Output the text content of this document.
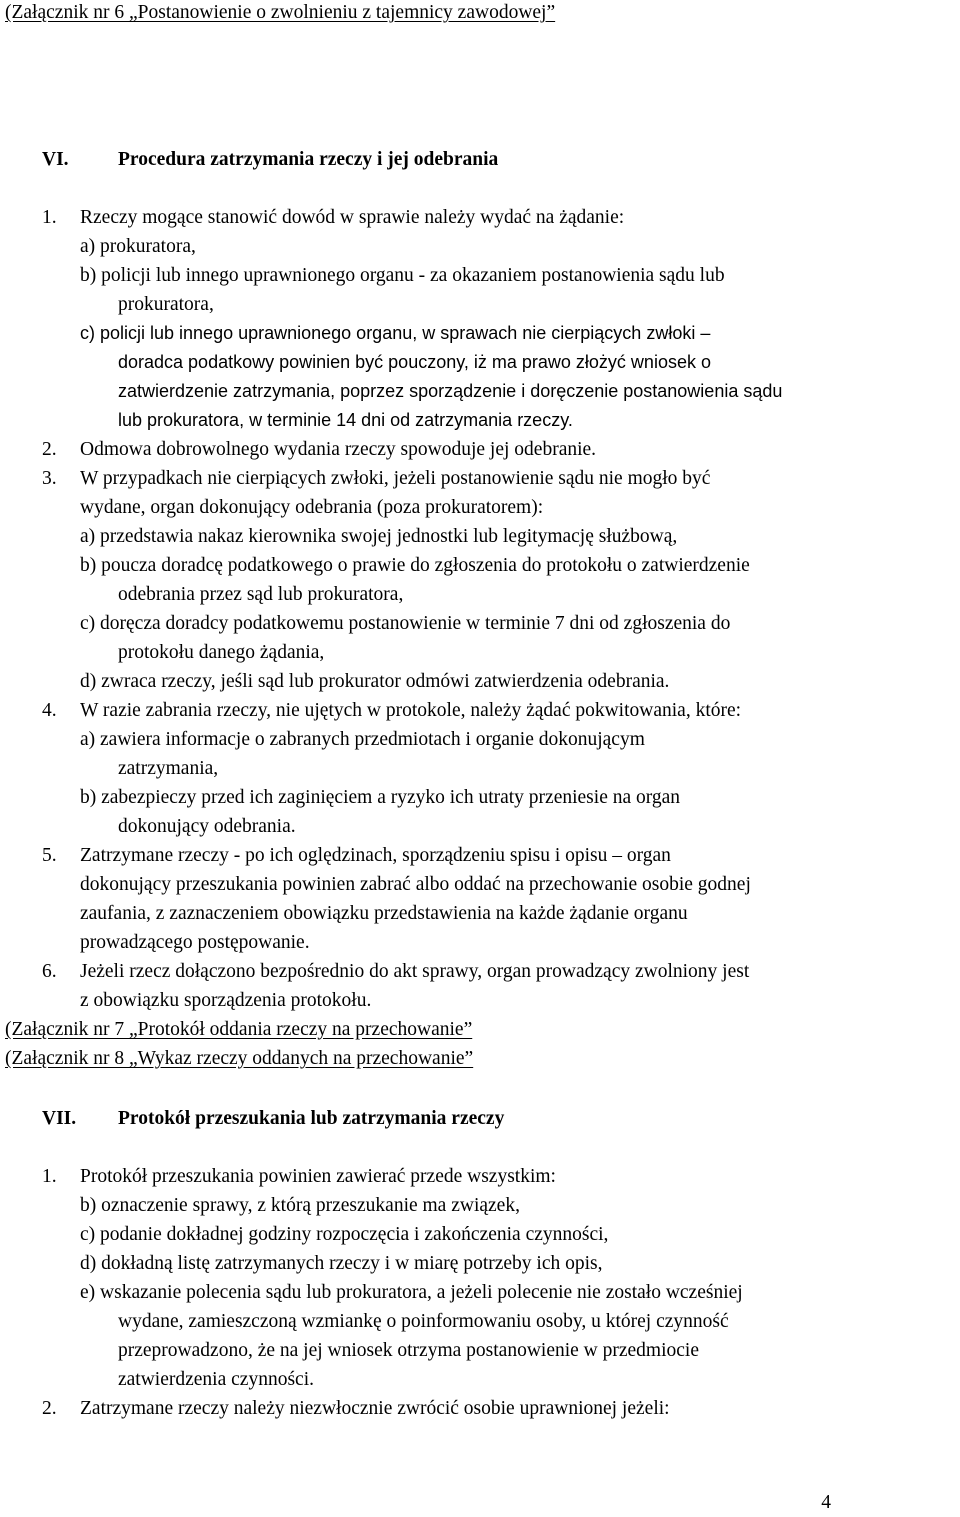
(Załącznik nr 6 „Postanowienie o zwolnieniu z tajemnicy zawodowej”
VI.	Procedura zatrzymania rzeczy i jej odebrania
1. Rzeczy mogące stanowić dowód w sprawie należy wydać na żądanie:
a) prokuratora,
b) policji lub innego uprawnionego organu - za okazaniem postanowienia sądu lub
prokuratora,
c) policji lub innego uprawnionego organu, w sprawach nie cierpiących zwłoki –
doradca podatkowy powinien być pouczony, iż ma prawo złożyć wniosek o
zatwierdzenie zatrzymania, poprzez sporządzenie i doręczenie postanowienia sądu
lub prokuratora, w terminie 14 dni od zatrzymania rzeczy.
2. Odmowa dobrowolnego wydania rzeczy spowoduje jej odebranie.
3. W przypadkach nie cierpiących zwłoki, jeżeli postanowienie sądu nie mogło być
wydane, organ dokonujący odebrania (poza prokuratorem):
a) przedstawia nakaz kierownika swojej jednostki lub legitymację służbową,
b) poucza doradcę podatkowego o prawie do zgłoszenia do protokołu o zatwierdzenie
odebrania przez sąd lub prokuratora,
c) doręcza doradcy podatkowemu postanowienie w terminie 7 dni od zgłoszenia do
protokołu danego żądania,
d) zwraca rzeczy, jeśli sąd lub prokurator odmówi zatwierdzenia odebrania.
4. W razie zabrania rzeczy, nie ujętych w protokole, należy żądać pokwitowania, które:
a) zawiera informacje o zabranych przedmiotach i organie dokonującym
zatrzymania,
b) zabezpieczy przed ich zaginięciem a ryzyko ich utraty przeniesie na organ
dokonujący odebrania.
5. Zatrzymane rzeczy - po ich oględzinach, sporządzeniu spisu i opisu – organ
dokonujący przeszukania powinien zabrać albo oddać na przechowanie osobie godnej
zaufania, z zaznaczeniem obowiązku przedstawienia na każde żądanie organu
prowadzącego postępowanie.
6. Jeżeli rzecz dołączono bezpośrednio do akt sprawy, organ prowadzący zwolniony jest
z obowiązku sporządzenia protokołu.
(Załącznik nr 7 „Protokół oddania rzeczy na przechowanie”
(Załącznik nr 8 „Wykaz rzeczy oddanych na przechowanie”
VII. Protokół przeszukania lub zatrzymania rzeczy
1. Protokół przeszukania powinien zawierać przede wszystkim:
b) oznaczenie sprawy, z którą przeszukanie ma związek,
c) podanie dokładnej godziny rozpoczęcia i zakończenia czynności,
d) dokładną listę zatrzymanych rzeczy i w miarę potrzeby ich opis,
e) wskazanie polecenia sądu lub prokuratora, a jeżeli polecenie nie zostało wcześniej
wydane, zamieszczoną wzmiankę o poinformowaniu osoby, u której czynność
przeprowadzono, że na jej wniosek otrzyma postanowienie w przedmiocie
zatwierdzenia czynności.
2. Zatrzymane rzeczy należy niezwłocznie zwrócić osobie uprawnionej jeżeli:
4
